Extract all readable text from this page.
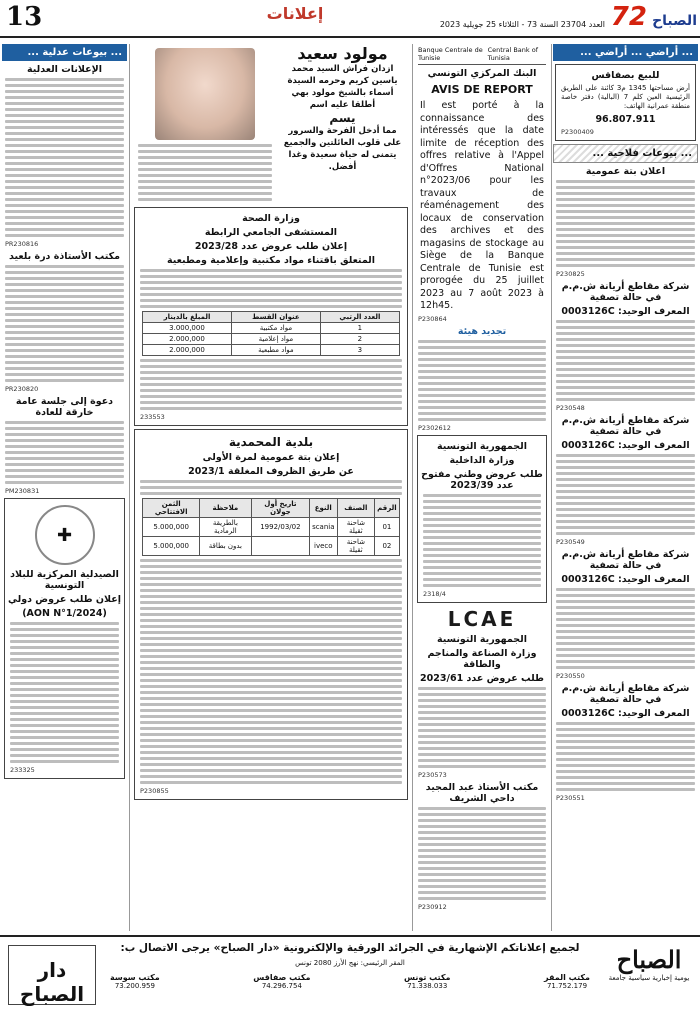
13	إعلانات
العدد 23704 السنة 73 - الثلاثاء 25 جويلية 2023	الصباح 72
... أراضي ... أراضي ...
للبيع بصفاقس
أرض مساحتها 1345 م3 كائنة على الطريق الرئيسية العين كلم 7 (البالية) دفتر خاصة منطقة عمرانية الهاتف:
96.807.911
P2300409
... بيوعات فلاحية ...
اعلان بتة عمومية
P230825
شركة مقاطع أريانة ش.م.م في حالة تصفية
المعرف الوحيد: 0003126C
P230548
شركة مقاطع أريانة ش.م.م في حالة تصفية
المعرف الوحيد: 0003126C
P230549
شركة مقاطع أريانة ش.م.م في حالة تصفية
المعرف الوحيد: 0003126C
P230550
شركة مقاطع أريانة ش.م.م في حالة تصفية
المعرف الوحيد: 0003126C
P230551
Banque Centrale de Tunisie
Central Bank of Tunisia
البنك المركزي التونسي
AVIS DE REPORT
Il est porté à la connaissance des intéressés que la date limite de réception des offres relative à l'Appel d'Offres National n°2023/06 pour les travaux de réaménagement des locaux de conservation des archives et des magasins de stockage au Siège de la Banque Centrale de Tunisie est prorogée du 25 juillet 2023 au 7 août 2023 à 12h45.
P230864
تجديد هيئة
P2302612
الجمهورية التونسية
وزارة الداخلية
طلب عروض وطني مفتوح عدد 2023/39
2318/4
LCAE
الجمهورية التونسية
وزارة الصناعة والمناجم والطاقة
طلب عروض عدد 2023/61
P230573
مكتب الأستاذ عبد المجيد داحي الشريف
P230912
مولود سعيد
ازدان فراش السيد محمد ياسين كريم وحرمه السيدة أسماء بالشيخ مولود بهي أطلقا عليه اسم
يسم
مما أدخل الفرحة والسرور على قلوب العائلتين والجميع يتمنى له حياة سعيدة وغدا أفضل.
وزارة الصحة
المستشفى الجامعي الرابطة
إعلان طلب عروض عدد 2023/28
المتعلق باقتناء مواد مكتبية وإعلامية ومطبعية
العدد الرتبي	عنوان القسط	المبلغ بالدينار
1	مواد مكتبية	3.000,000
2	مواد إعلامية	2.000,000
3	مواد مطبعية	2.000,000
233553
بلدية المحمدية
إعلان بتة عمومية لمرة الأولى
عن طريق الظروف المغلقة 2023/1
الرقم	الصنف	النوع	تاريخ أول جولان	ملاحظة	الثمن الافتتاحي
01	شاحنة ثقيلة	scania	1992/03/02	بالطريقة الرمادية	5.000,000
02	شاحنة ثقيلة	iveco		بدون بطاقة	5.000,000
P230855
... بيوعات عدلية ...
الإعلانات العدلية
PR230816
مكتب الأستاذة درة بلعيد
PR230820
دعوة إلى جلسة عامة خارقة للعادة
PM230831
✚
الصيدلية المركزية للبلاد التونسية
إعلان طلب عروض دولي
(AON N°1/2024)
233325
دار الصباح
لجميع إعلاناتكم الإشهارية في الجرائد الورقية والإلكترونية «دار الصباح» يرجى الاتصال ب:
المقر الرئيسي: نهج الأرز 2080 تونس
مكتب المقر
71.752.179
مكتب تونس
71.338.033
مكتب صفاقس
74.296.754
مكتب سوسة
73.200.959
الصباح
يومية إخبارية سياسية جامعة
